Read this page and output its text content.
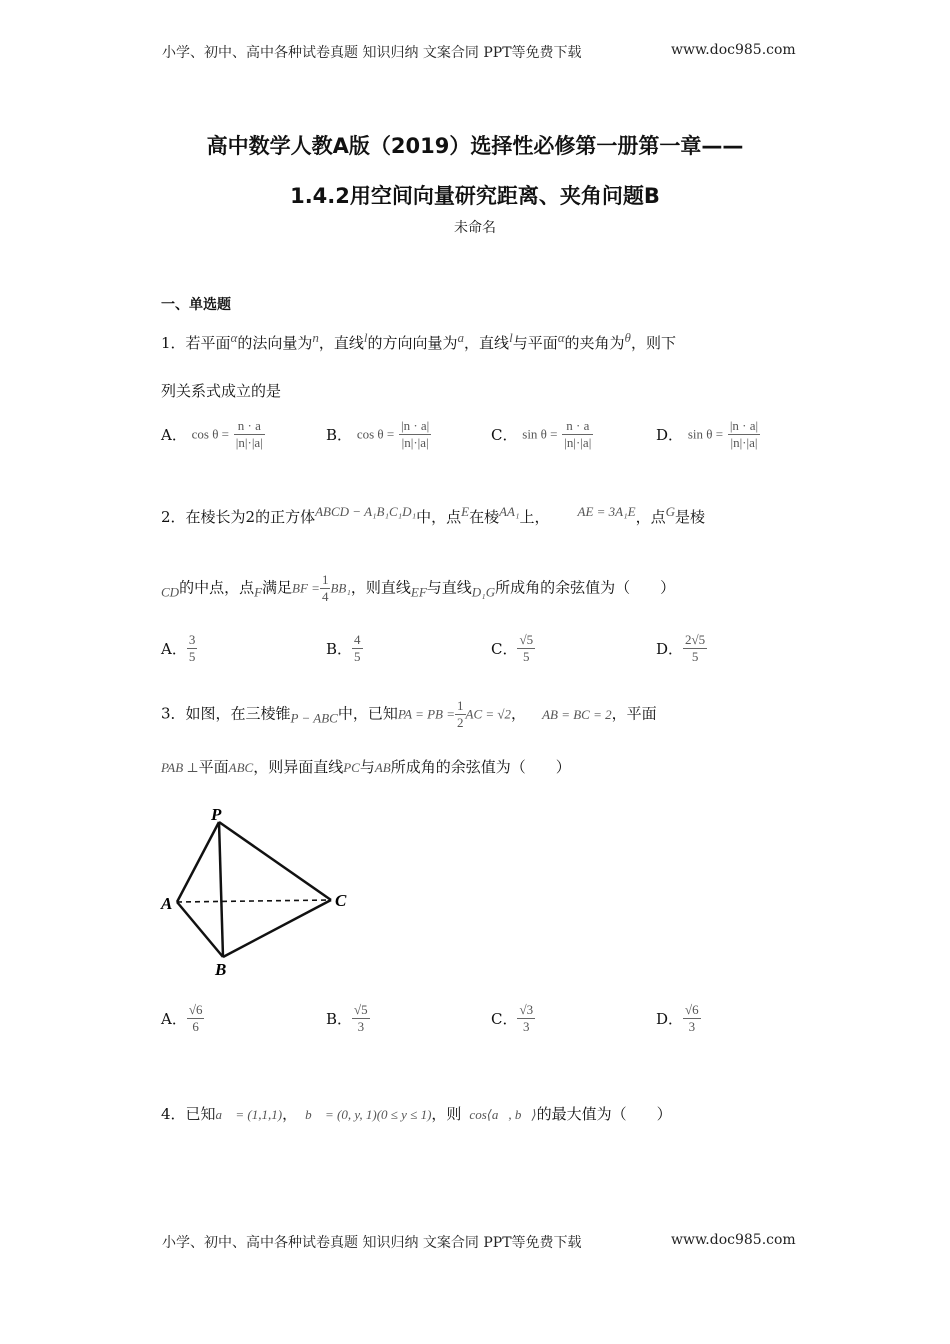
小学、初中、高中各种试卷真题 知识归纳 文案合同 PPT等免费下载	www.doc985.com
高中数学人教A版（2019）选择性必修第一册第一章——
1.4.2用空间向量研究距离、夹角问题B
未命名
一、单选题
1．若平面$^\alpha$的法向量为$^n$，直线$^l$的方向向量为$^a$，直线$^l$与平面$^\alpha$的夹角为$^\theta$，则下
列关系式成立的是
A． $\cos \theta = \frac{n \cdot a}{|n|\cdot|a|}$	B． $\cos \theta = \frac{|n \cdot a|}{|n|\cdot|a|}$	C． $\sin \theta = \frac{n \cdot a}{|n|\cdot|a|}$	D． $\sin \theta = \frac{|n \cdot a|}{|n|\cdot|a|}$
2．在棱长为2的正方体$^{ABCD - A_1B_1C_1D_1}$中，点$^E$在棱$^{AA_1}$上， $^{AE = 3A_1E}$，点$^G$是棱
$_{CD}$的中点，点$_F$满足BF = $\frac{1}{4} BB_1$，则直线$_{EF}$与直线$_{D_1G}$所成角的余弦值为（　　）
A． $\frac{3}{5}$	B． $\frac{4}{5}$	C． $\frac{√5}{5}$	D． $\frac{2√5}{5}$
3．如图，在三棱锥$_{P - ABC}$中，已知PA = PB = $\frac{1}{2}$ AC = √2， AB = BC = 2，平面
PAB ⊥平面ABC，则异面直线PC与AB所成角的余弦值为（　　）
P
A
B
C
A． $\frac{√6}{6}$	B． $\frac{√5}{3}$	C． $\frac{√3}{3}$	D． $\frac{√6}{3}$
4．已知a⃗ = (1,1,1)， b⃗ = (0, y, 1)(0 ≤ y ≤ 1)，则 cos⟨a⃗, b⃗⟩的最大值为（　　）
小学、初中、高中各种试卷真题 知识归纳 文案合同 PPT等免费下载	www.doc985.com
